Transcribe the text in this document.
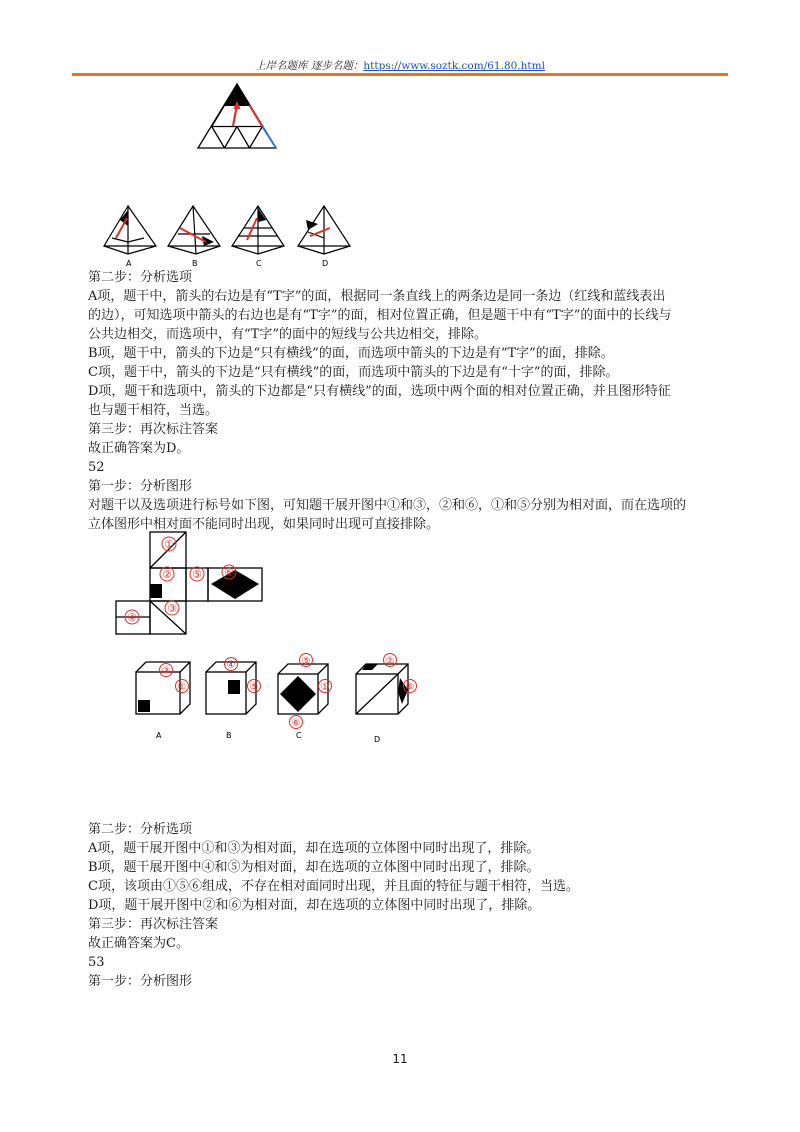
上岸名题库 逐步名题：https://www.soztk.com/61.80.html
A	B	C	D
第二步：分析选项
A项，题干中，箭头的右边是有“T字”的面，根据同一条直线上的两条边是同一条边（红线和蓝线表出
的边），可知选项中箭头的右边也是有“T字”的面，相对位置正确，但是题干中有“T字”的面中的长线与
公共边相交，而选项中，有“T字”的面中的短线与公共边相交，排除。
B项，题干中，箭头的下边是“只有横线”的面，而选项中箭头的下边是有“T字”的面，排除。
C项，题干中，箭头的下边是“只有横线”的面，而选项中箭头的下边是有“十字”的面，排除。
D项，题干和选项中，箭头的下边都是“只有横线”的面，选项中两个面的相对位置正确，并且图形特征
也与题干相符，当选。
第三步：再次标注答案
故正确答案为D。
52
第一步：分析图形
对题干以及选项进行标号如下图，可知题干展开图中①和③，②和⑥，①和⑤分别为相对面，而在选项的
立体图形中相对面不能同时出现，如果同时出现可直接排除。
①
② ⑤ ⑥
③
④
③
①
④
⑤
⑤
①
⑥
②
⑥
A	B	C	D
第二步：分析选项
A项，题干展开图中①和③为相对面，却在选项的立体图中同时出现了，排除。
B项，题干展开图中④和⑤为相对面，却在选项的立体图中同时出现了，排除。
C项，该项由①⑤⑥组成，不存在相对面同时出现，并且面的特征与题干相符，当选。
D项，题干展开图中②和⑥为相对面，却在选项的立体图中同时出现了，排除。
第三步：再次标注答案
故正确答案为C。
53
第一步：分析图形
11
